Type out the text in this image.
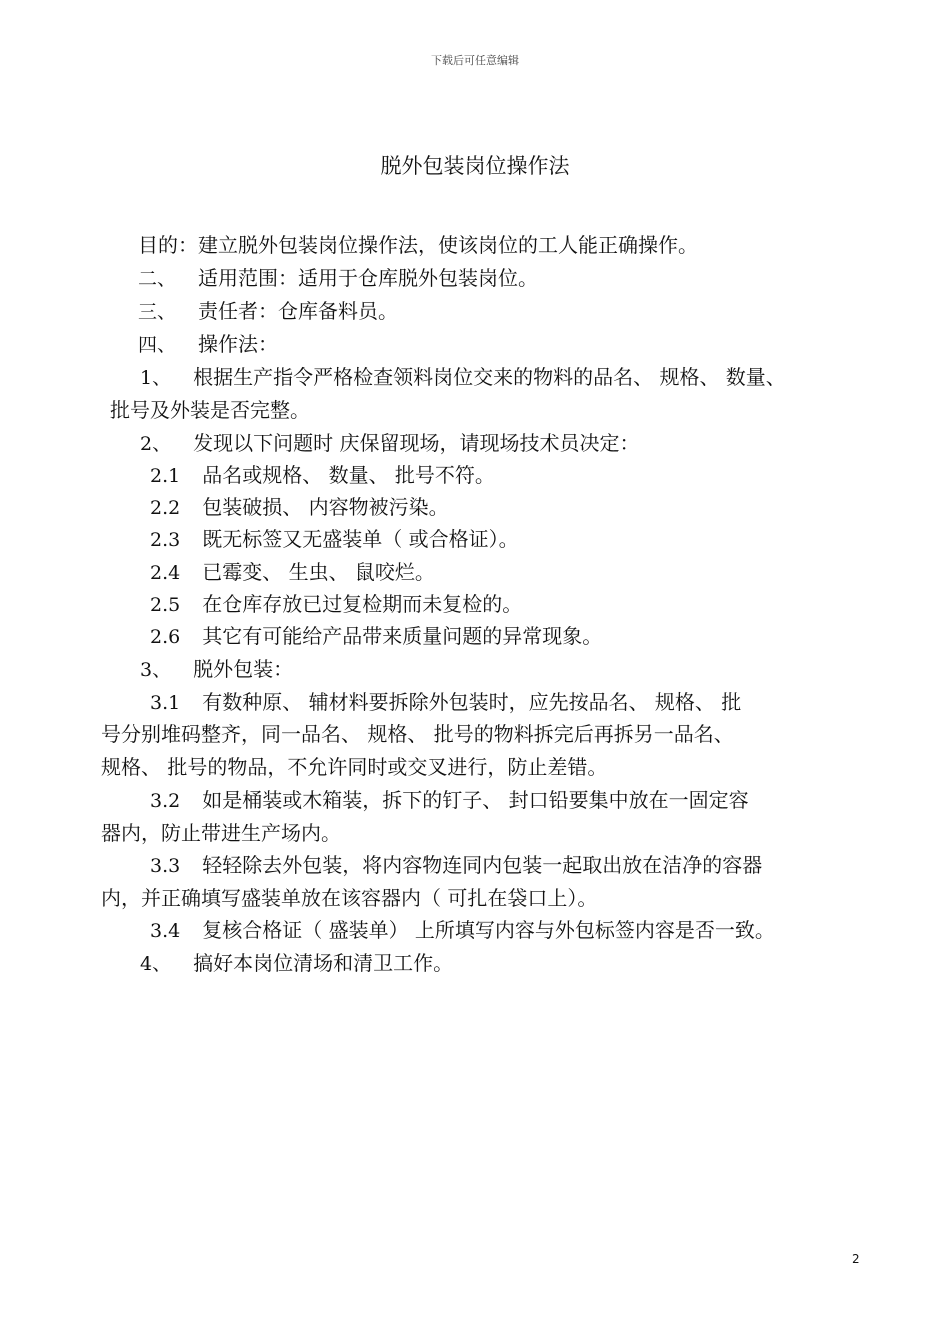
下载后可任意编辑
脱外包装岗位操作法
目的：建立脱外包装岗位操作法，使该岗位的工人能正确操作。
二、 适用范围：适用于仓库脱外包装岗位。
三、 责任者：仓库备料员。
四、 操作法：
1、 根据生产指令严格检查领料岗位交来的物料的品名、 规格、 数量、
批号及外装是否完整。
2、 发现以下问题时 庆保留现场，请现场技术员决定：
2.1 品名或规格、 数量、 批号不符。
2.2 包装破损、 内容物被污染。
2.3 既无标签又无盛装单（ 或合格证）。
2.4 已霉变、 生虫、 鼠咬烂。
2.5 在仓库存放已过复检期而未复检的。
2.6 其它有可能给产品带来质量问题的异常现象。
3、 脱外包装：
3.1 有数种原、 辅材料要拆除外包装时，应先按品名、 规格、 批
号分别堆码整齐，同一品名、 规格、 批号的物料拆完后再拆另一品名、
规格、 批号的物品，不允许同时或交叉进行，防止差错。
3.2 如是桶装或木箱装，拆下的钉子、 封口铅要集中放在一固定容
器内，防止带进生产场内。
3.3 轻轻除去外包装，将内容物连同内包装一起取出放在洁净的容器
内，并正确填写盛装单放在该容器内（ 可扎在袋口上）。
3.4 复核合格证（ 盛装单） 上所填写内容与外包标签内容是否一致。
4、 搞好本岗位清场和清卫工作。
2
